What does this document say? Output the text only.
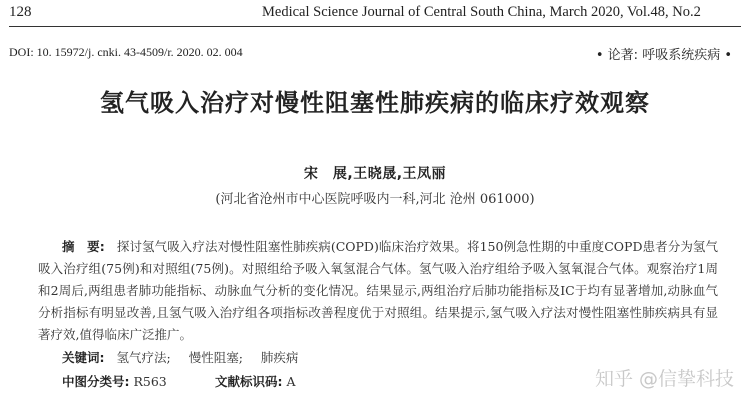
128	Medical Science Journal of Central South China, March 2020, Vol.48, No.2
DOI: 10. 15972/j. cnki. 43-4509/r. 2020. 02. 004	• 论著: 呼吸系统疾病 •
氢气吸入治疗对慢性阻塞性肺疾病的临床疗效观察
宋　展,王晓晟,王凤丽
(河北省沧州市中心医院呼吸内一科,河北 沧州 061000)
摘　要: 探讨氢气吸入疗法对慢性阻塞性肺疾病(COPD)临床治疗效果。将150例急性期的中重度COPD患者分为氢气吸入治疗组(75例)和对照组(75例)。对照组给予吸入氧氢混合气体。氢气吸入治疗组给予吸入氢氧混合气体。观察治疗1周和2周后,两组患者肺功能指标、动脉血气分析的变化情况。结果显示,两组治疗后肺功能指标及IC于均有显著增加,动脉血气分析指标有明显改善,且氢气吸入治疗组各项指标改善程度优于对照组。结果提示,氢气吸入疗法对慢性阻塞性肺疾病具有显著疗效,值得临床广泛推广。
关键词: 氢气疗法; 慢性阻塞; 肺疾病
中图分类号: R563	文献标识码: A	知乎 @信挚科技
